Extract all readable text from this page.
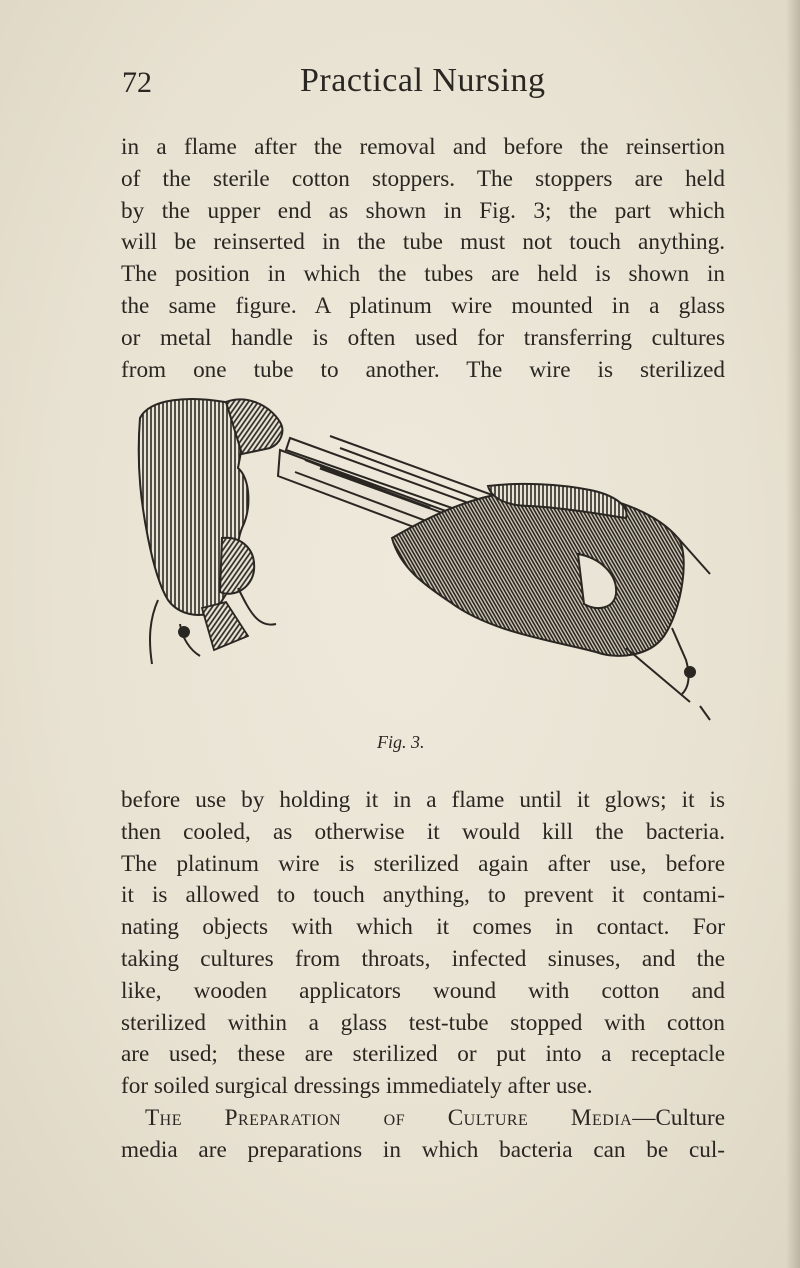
72	Practical Nursing
in a flame after the removal and before the reinsertion
of the sterile cotton stoppers. The stoppers are held
by the upper end as shown in Fig. 3; the part which
will be reinserted in the tube must not touch anything.
The position in which the tubes are held is shown in
the same figure. A platinum wire mounted in a glass
or metal handle is often used for transferring cultures
from one tube to another. The wire is sterilized
Fig. 3.
before use by holding it in a flame until it glows; it is
then cooled, as otherwise it would kill the bacteria.
The platinum wire is sterilized again after use, before
it is allowed to touch anything, to prevent it contami-
nating objects with which it comes in contact. For
taking cultures from throats, infected sinuses, and the
like, wooden applicators wound with cotton and
sterilized within a glass test-tube stopped with cotton
are used; these are sterilized or put into a receptacle
for soiled surgical dressings immediately after use.
The Preparation of Culture Media—Culture
media are preparations in which bacteria can be cul-
